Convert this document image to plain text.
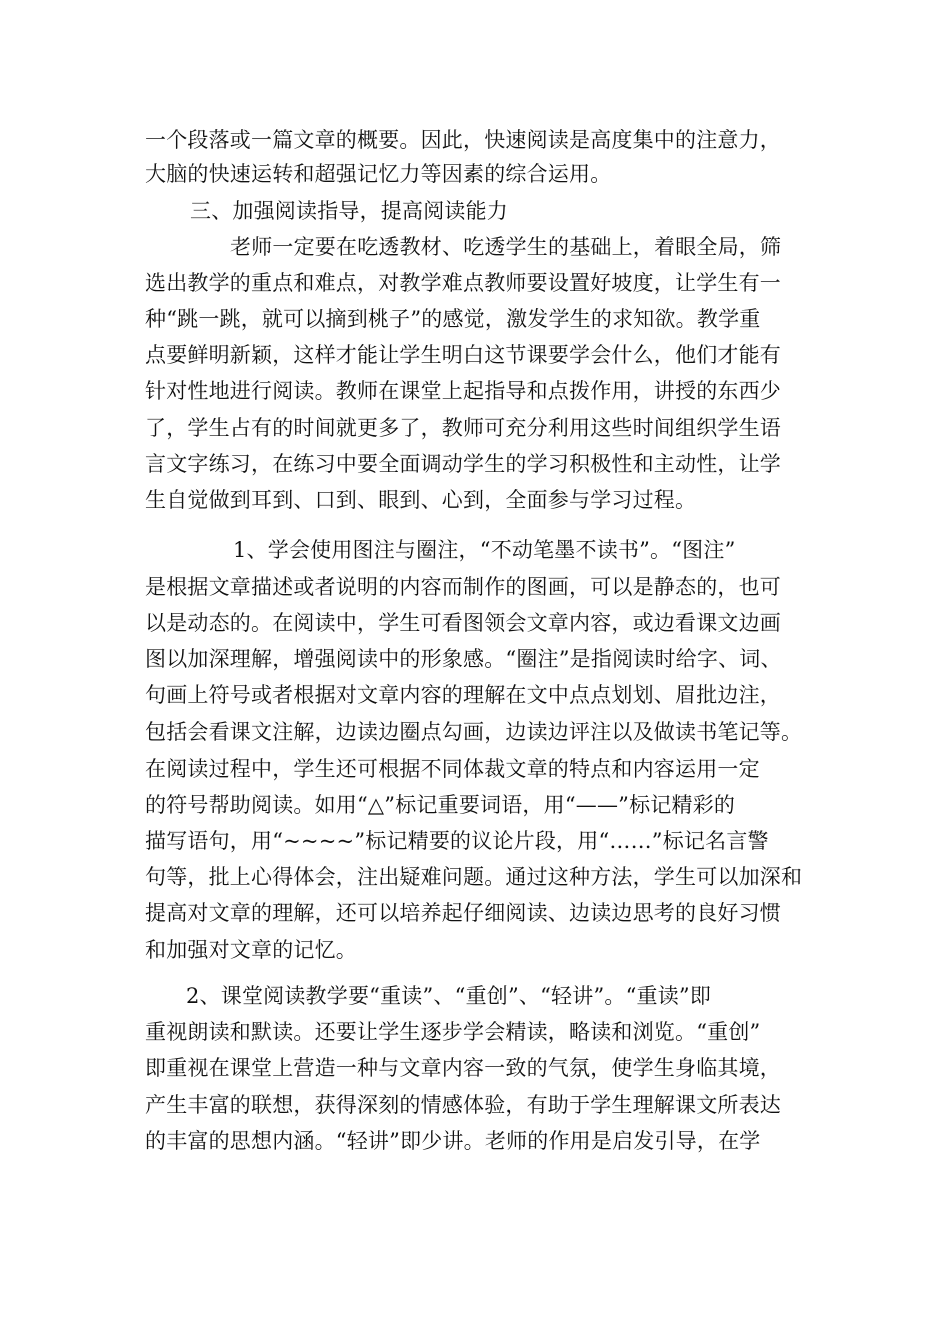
一个段落或一篇文章的概要。因此，快速阅读是高度集中的注意力，
大脑的快速运转和超强记忆力等因素的综合运用。
三、加强阅读指导，提高阅读能力
老师一定要在吃透教材、吃透学生的基础上，着眼全局，筛
选出教学的重点和难点，对教学难点教师要设置好坡度，让学生有一
种“跳一跳，就可以摘到桃子”的感觉，激发学生的求知欲。教学重
点要鲜明新颖，这样才能让学生明白这节课要学会什么，他们才能有
针对性地进行阅读。教师在课堂上起指导和点拨作用，讲授的东西少
了，学生占有的时间就更多了，教师可充分利用这些时间组织学生语
言文字练习，在练习中要全面调动学生的学习积极性和主动性，让学
生自觉做到耳到、口到、眼到、心到，全面参与学习过程。
1、学会使用图注与圈注，“不动笔墨不读书”。“图注”
是根据文章描述或者说明的内容而制作的图画，可以是静态的，也可
以是动态的。在阅读中，学生可看图领会文章内容，或边看课文边画
图以加深理解，增强阅读中的形象感。“圈注”是指阅读时给字、词、
句画上符号或者根据对文章内容的理解在文中点点划划、眉批边注，
包括会看课文注解，边读边圈点勾画，边读边评注以及做读书笔记等。
在阅读过程中，学生还可根据不同体裁文章的特点和内容运用一定
的符号帮助阅读。如用“△”标记重要词语，用“——”标记精彩的
描写语句，用“~~~~”标记精要的议论片段，用“……”标记名言警
句等，批上心得体会，注出疑难问题。通过这种方法，学生可以加深和
提高对文章的理解，还可以培养起仔细阅读、边读边思考的良好习惯
和加强对文章的记忆。
2、课堂阅读教学要“重读”、“重创”、“轻讲”。“重读”即
重视朗读和默读。还要让学生逐步学会精读，略读和浏览。“重创”
即重视在课堂上营造一种与文章内容一致的气氛，使学生身临其境，
产生丰富的联想，获得深刻的情感体验，有助于学生理解课文所表达
的丰富的思想内涵。“轻讲”即少讲。老师的作用是启发引导，在学
